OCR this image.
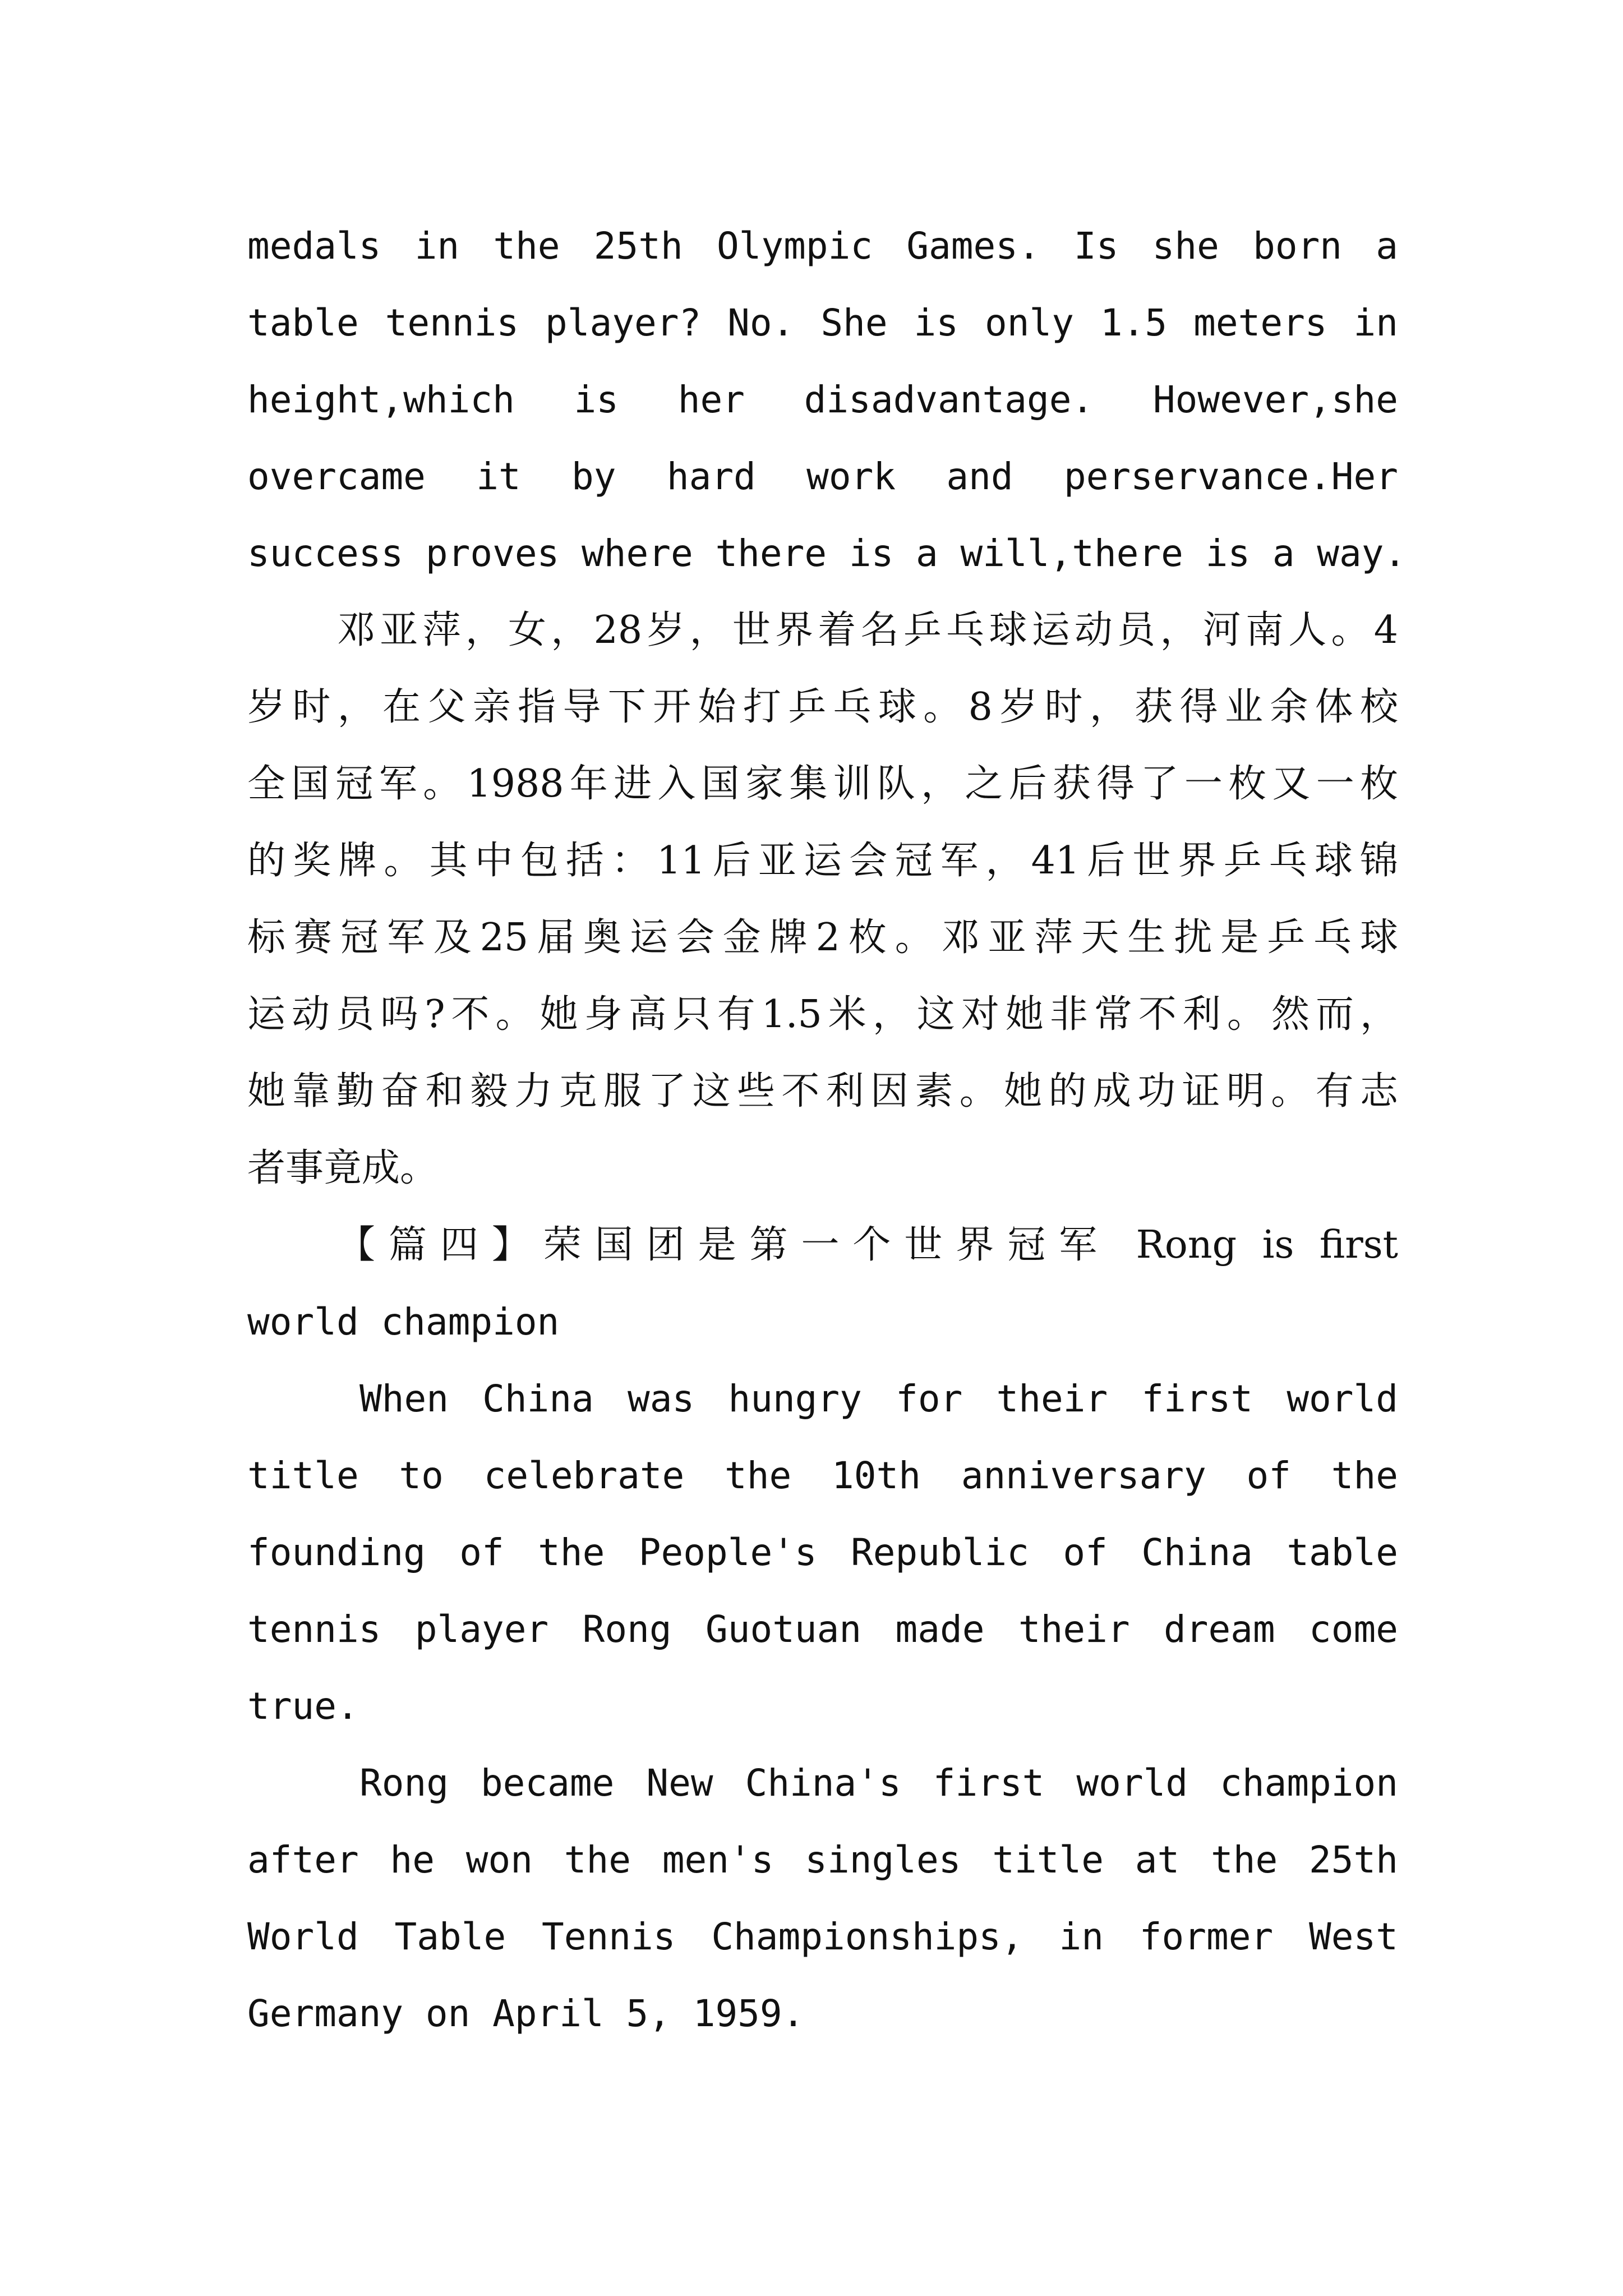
medals in the 25th Olympic Games. Is she born a
table tennis player? No. She is only 1.5 meters in
height,which is her disadvantage. However,she
overcame it by hard work and perservance.Her
success proves where there is a will,there is a way.
邓亚萍，女，28岁，世界着名乒乓球运动员，河南人。4
岁时，在父亲指导下开始打乒乓球。8岁时，获得业余体校
全国冠军。1988年进入国家集训队，之后获得了一枚又一枚
的奖牌。其中包括：11后亚运会冠军，41后世界乒乓球锦
标赛冠军及25届奥运会金牌2枚。邓亚萍天生扰是乒乓球
运动员吗?不。她身高只有1.5米，这对她非常不利。然而，
她靠勤奋和毅力克服了这些不利因素。她的成功证明。有志
者事竟成。
【篇四】荣国团是第一个世界冠军 Rong is first
world champion
When China was hungry for their first world
title to celebrate the 10th anniversary of the
founding of the People's Republic of China table
tennis player Rong Guotuan made their dream come
true.
Rong became New China's first world champion
after he won the men's singles title at the 25th
World Table Tennis Championships, in former West
Germany on April 5, 1959.
